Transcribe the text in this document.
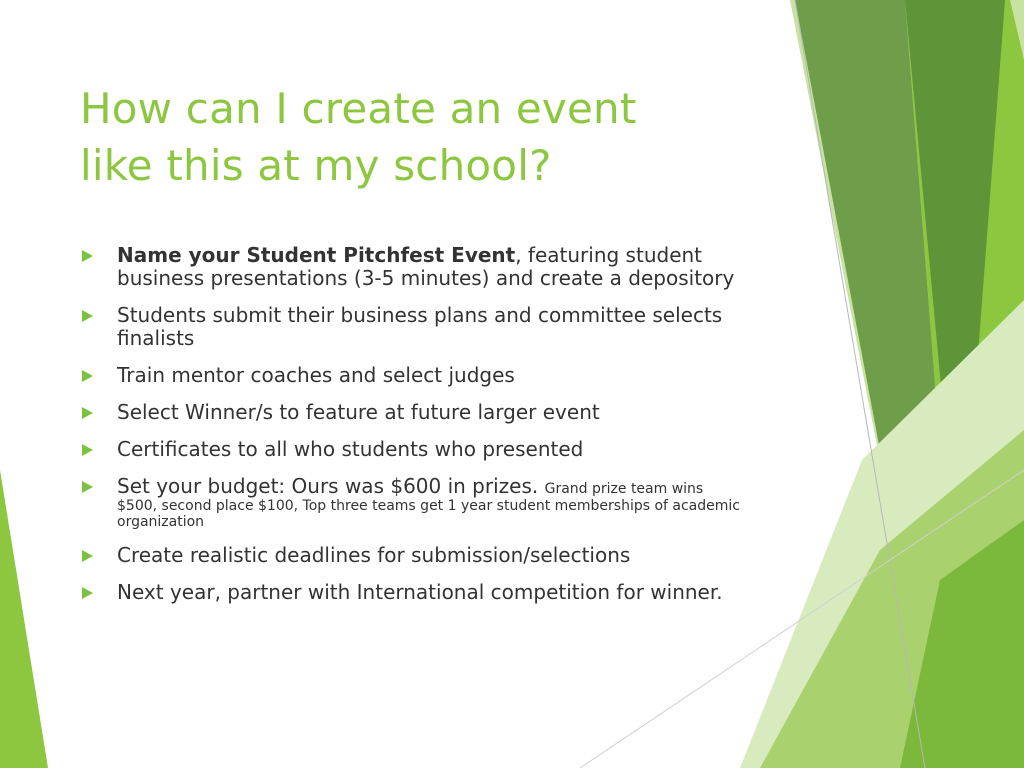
How can I create an event
like this at my school?
Name your Student Pitchfest Event, featuring student business presentations (3-5 minutes) and create a depository
Students submit their business plans and committee selects finalists
Train mentor coaches and select judges
Select Winner/s to feature at future larger event
Certificates to all who students who presented
Set your budget: Ours was $600 in prizes. Grand prize team wins
$500, second place $100, Top three teams get 1 year student memberships of academic organization
Create realistic deadlines for submission/selections
Next year, partner with International competition for winner.
